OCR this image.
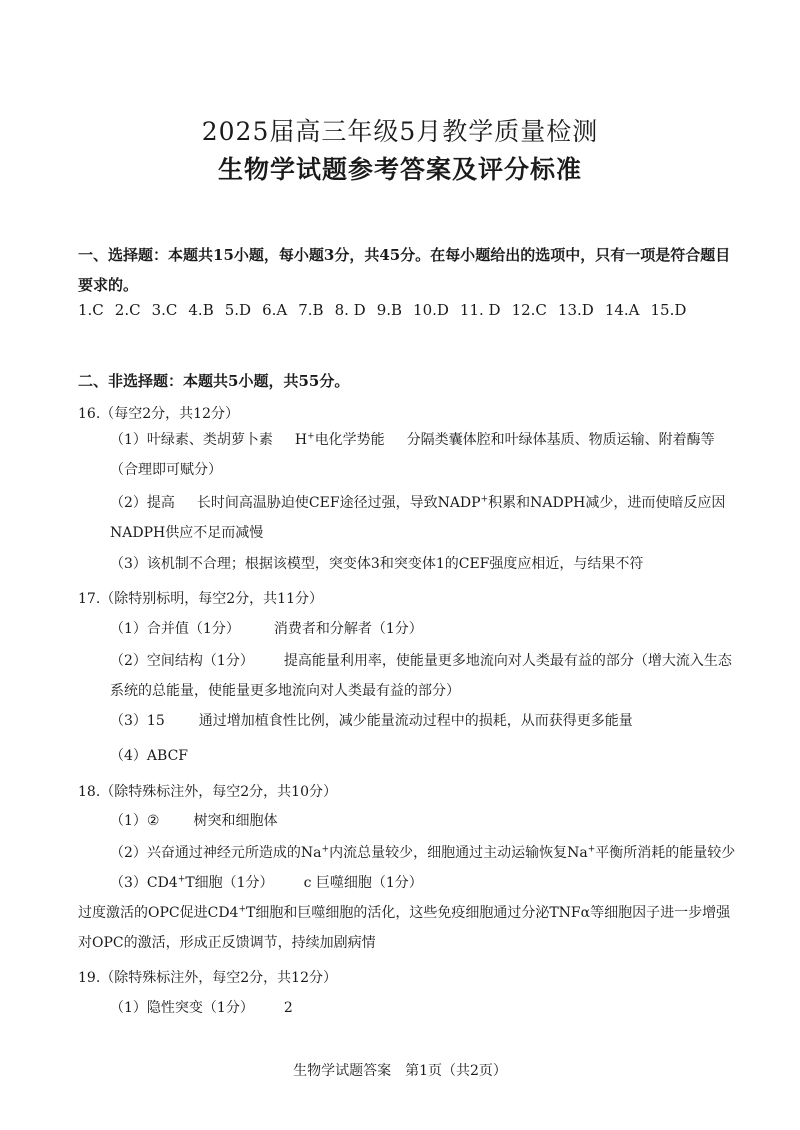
2025届高三年级5月教学质量检测
生物学试题参考答案及评分标准
一、选择题：本题共15小题，每小题3分，共45分。在每小题给出的选项中，只有一项是符合题目要求的。
1.C 2.C 3.C 4.B 5.D 6.A 7.B 8. D 9.B 10.D 11. D 12.C 13.D 14.A 15.D
二、非选择题：本题共5小题，共55分。
16.（每空2分，共12分）
（1）叶绿素、类胡萝卜素 H+电化学势能 分隔类囊体腔和叶绿体基质、物质运输、附着酶等（合理即可赋分）
（2）提高 长时间高温胁迫使CEF途径过强，导致NADP+积累和NADPH减少，进而使暗反应因NADPH供应不足而减慢
（3）该机制不合理；根据该模型，突变体3和突变体1的CEF强度应相近，与结果不符
17.（除特别标明，每空2分，共11分）
（1）合并值（1分） 消费者和分解者（1分）
（2）空间结构（1分） 提高能量利用率，使能量更多地流向对人类最有益的部分（增大流入生态系统的总能量，使能量更多地流向对人类最有益的部分）
（3）15 通过增加植食性比例，减少能量流动过程中的损耗，从而获得更多能量
（4）ABCF
18.（除特殊标注外，每空2分，共10分）
（1）② 树突和细胞体
（2）兴奋通过神经元所造成的Na+内流总量较少，细胞通过主动运输恢复Na+平衡所消耗的能量较少
（3）CD4+T细胞（1分） c 巨噬细胞（1分）
过度激活的OPC促进CD4+T细胞和巨噬细胞的活化，这些免疫细胞通过分泌TNFα等细胞因子进一步增强对OPC的激活，形成正反馈调节，持续加剧病情
19.（除特殊标注外，每空2分，共12分）
（1）隐性突变（1分） 2
生物学试题答案　第1页（共2页）
